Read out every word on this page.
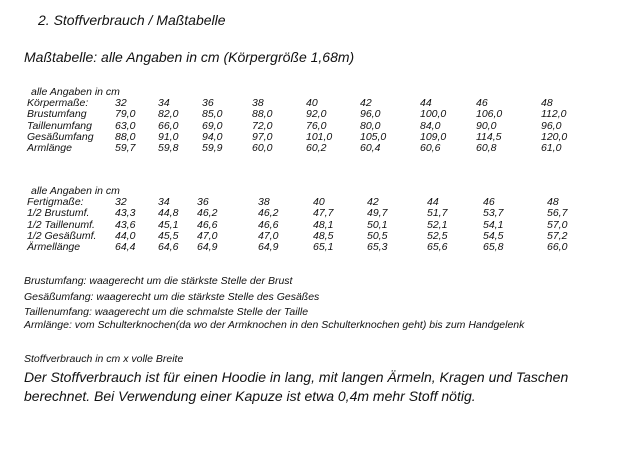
2. Stoffverbrauch / Maßtabelle
Maßtabelle: alle Angaben in cm (Körpergröße 1,68m)
alle Angaben in cm
Körpermaße:	32	34	36	38	40	42	44	46	48
Brustumfang	79,0 82,0 85,0	88,0	92,0	96,0	100,0	106,0	112,0
Taillenumfang 63,0 66,0 69,0	72,0	76,0	80,0	84,0	90,0	96,0
Gesäßumfang 88,0 91,0 94,0	97,0	101,0	105,0	109,0	114,5	120,0
Armlänge	59,7 59,8 59,9	60,0	60,2	60,4	60,6	60,8	61,0
alle Angaben in cm
Fertigmaße:	32	34	36	38	40	42	44	46	48
1/2 Brustumf. 43,3 44,8 46,2	46,2	47,7	49,7	51,7	53,7	56,7
1/2 Taillenumf. 43,6 45,1 46,6	46,6	48,1	50,1	52,1	54,1	57,0
1/2 Gesäßumf. 44,0 45,5 47,0	47,0	48,5	50,5	52,5	54,5	57,2
Ärmellänge	64,4 64,6 64,9	64,9	65,1	65,3	65,6	65,8	66,0
Brustumfang: waagerecht um die stärkste Stelle der Brust
Gesäßumfang: waagerecht um die stärkste Stelle des Gesäßes
Taillenumfang: waagerecht um die schmalste Stelle der Taille
Armlänge: vom Schulterknochen(da wo der Armknochen in den Schulterknochen geht) bis zum Handgelenk
Stoffverbrauch in cm x volle Breite
Der Stoffverbrauch ist für einen Hoodie in lang, mit langen Ärmeln, Kragen und Taschen berechnet. Bei Verwendung einer Kapuze ist etwa 0,4m mehr Stoff nötig.
